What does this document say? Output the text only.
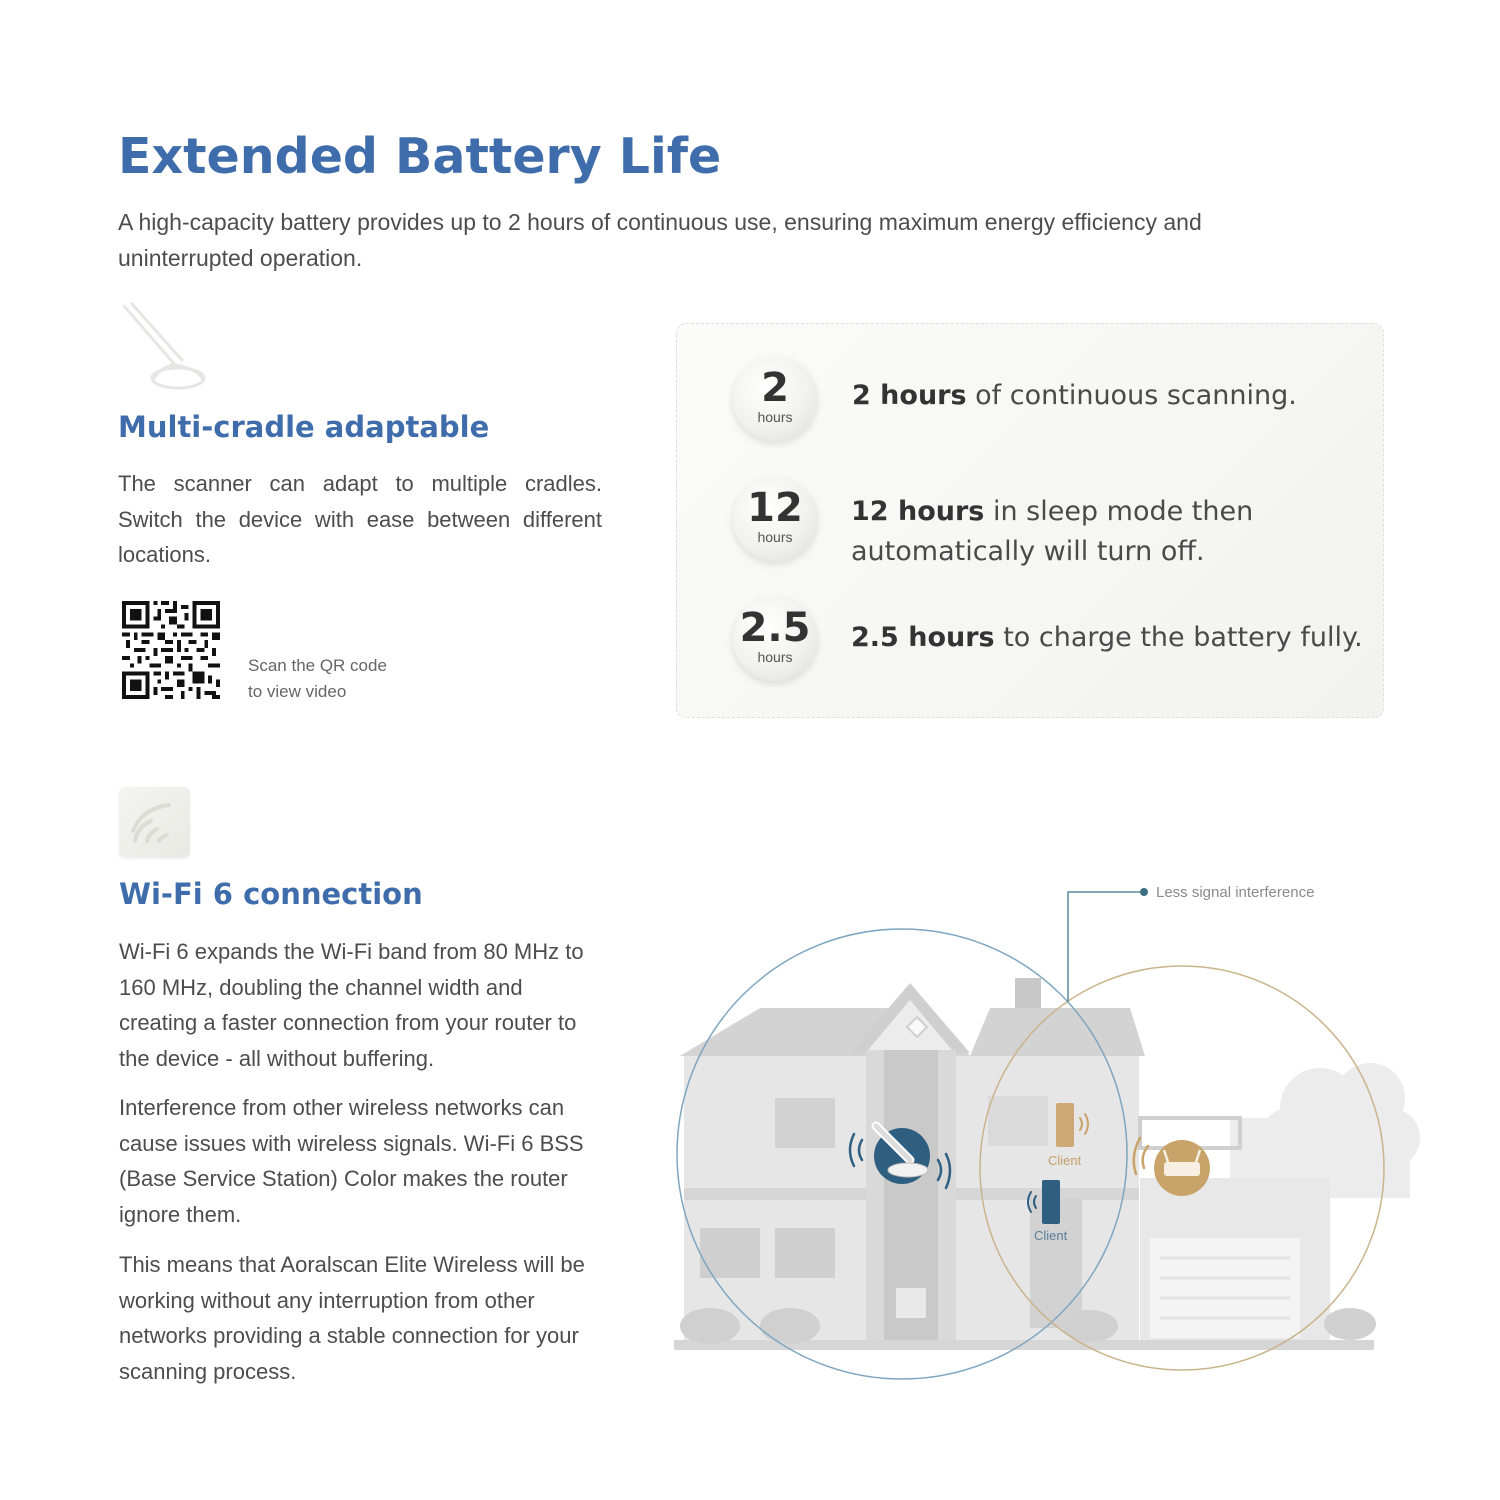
Extended Battery Life

A high-capacity battery provides up to 2 hours of continuous use, ensuring maximum energy efficiency and uninterrupted operation.

Multi-cradle adaptable

The scanner can adapt to multiple cradles. Switch the device with ease between different locations.

Scan the QR code
to view video
2
hours

2 hours of continuous scanning.

12
hours

12 hours in sleep mode then
automatically will turn off.

2.5
hours

2.5 hours to charge the battery fully.

Wi-Fi 6 connection

Wi-Fi 6 expands the Wi-Fi band from 80 MHz to 160 MHz, doubling the channel width and creating a faster connection from your router to the device - all without buffering.

Interference from other wireless networks can cause issues with wireless signals. Wi-Fi 6 BSS (Base Service Station) Color makes the router ignore them.

This means that Aoralscan Elite Wireless will be working without any interruption from other networks providing a stable connection for your scanning process.

Less signal interference
Client
Client
